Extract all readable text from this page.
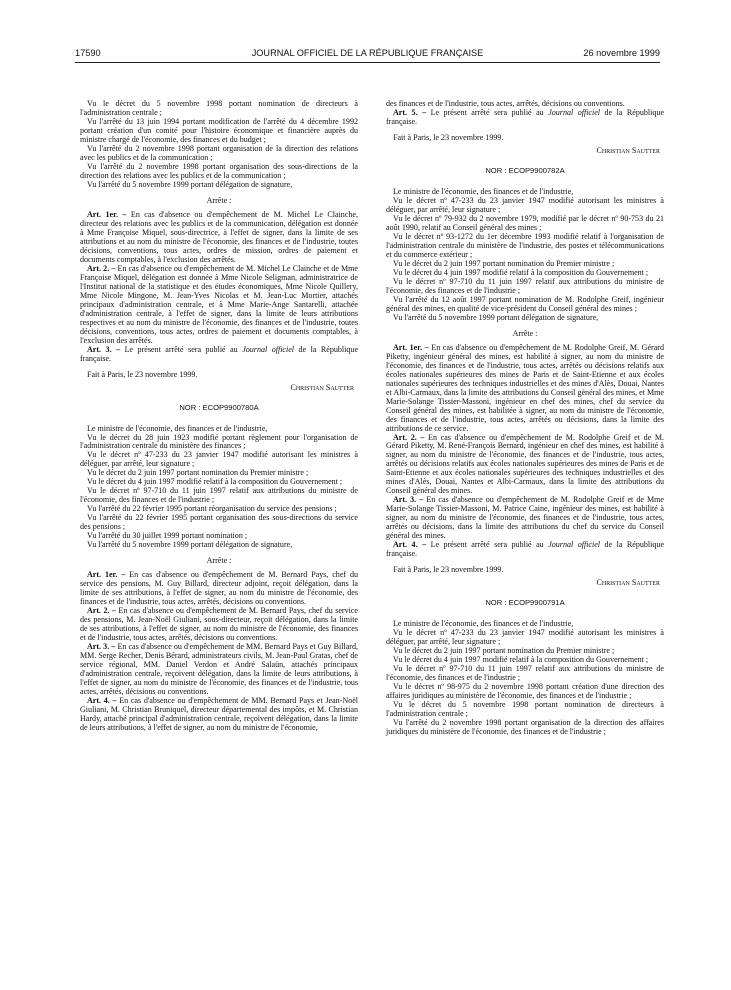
17590	JOURNAL OFFICIEL DE LA RÉPUBLIQUE FRANÇAISE	26 novembre 1999

Vu le décret du 5 novembre 1998 portant nomination de directeurs à l'administration centrale ;

Vu l'arrêté du 13 juin 1994 portant modification de l'arrêté du 4 décembre 1992 portant création d'un comité pour l'histoire économique et financière auprès du ministre chargé de l'économie, des finances et du budget ;

Vu l'arrêté du 2 novembre 1998 portant organisation de la direction des relations avec les publics et de la communication ;

Vu l'arrêté du 2 novembre 1998 portant organisation des sous-directions de la direction des relations avec les publics et de la communication ;

Vu l'arrêté du 5 novembre 1999 portant délégation de signature,

Arrête :

Art. 1er. – En cas d'absence ou d'empêchement de M. Michel Le Clainche, directeur des relations avec les publics et de la communication, délégation est donnée à Mme Françoise Miquel, sous-directrice, à l'effet de signer, dans la limite de ses attributions et au nom du ministre de l'économie, des finances et de l'industrie, toutes décisions, conventions, tous actes, ordres de mission, ordres de paiement et documents comptables, à l'exclusion des arrêtés.

Art. 2. – En cas d'absence ou d'empêchement de M. Michel Le Clainche et de Mme Françoise Miquel, délégation est donnée à Mme Nicole Seligman, administratrice de l'Institut national de la statistique et des études économiques, Mme Nicole Quillery, Mme Nicole Mingone, M. Jean-Yves Nicolas et M. Jean-Luc Mortier, attachés principaux d'administration centrale, et à Mme Marie-Ange Santarelli, attachée d'administration centrale, à l'effet de signer, dans la limite de leurs attributions respectives et au nom du ministre de l'économie, des finances et de l'industrie, toutes décisions, conventions, tous actes, ordres de paiement et documents comptables, à l'exclusion des arrêtés.

Art. 3. – Le présent arrêté sera publié au Journal officiel de la République française.

Fait à Paris, le 23 novembre 1999.

Christian Sautter

NOR : ECOP9900780A

Le ministre de l'économie, des finances et de l'industrie,

Vu le décret du 28 juin 1923 modifié portant règlement pour l'organisation de l'administration centrale du ministère des finances ;

Vu le décret nº 47-233 du 23 janvier 1947 modifié autorisant les ministres à déléguer, par arrêté, leur signature ;

Vu le décret du 2 juin 1997 portant nomination du Premier ministre ;

Vu le décret du 4 juin 1997 modifié relatif à la composition du Gouvernement ;

Vu le décret nº 97-710 du 11 juin 1997 relatif aux attributions du ministre de l'économie, des finances et de l'industrie ;

Vu l'arrêté du 22 février 1995 portant réorganisation du service des pensions ;

Vu l'arrêté du 22 février 1995 portant organisation des sous-directions du service des pensions ;

Vu l'arrêté du 30 juillet 1999 portant nomination ;

Vu l'arrêté du 5 novembre 1999 portant délégation de signature,

Arrête :

Art. 1er. – En cas d'absence ou d'empêchement de M. Bernard Pays, chef du service des pensions, M. Guy Billard, directeur adjoint, reçoit délégation, dans la limite de ses attributions, à l'effet de signer, au nom du ministre de l'économie, des finances et de l'industrie, tous actes, arrêtés, décisions ou conventions.

Art. 2. – En cas d'absence ou d'empêchement de M. Bernard Pays, chef du service des pensions, M. Jean-Noël Giuliani, sous-directeur, reçoit délégation, dans la limite de ses attributions, à l'effet de signer, au nom du ministre de l'économie, des finances et de l'industrie, tous actes, arrêtés, décisions ou conventions.

Art. 3. – En cas d'absence ou d'empêchement de MM. Bernard Pays et Guy Billard, MM. Serge Recher, Denis Bérard, administrateurs civils, M. Jean-Paul Gratas, chef de service régional, MM. Daniel Verdon et André Salaün, attachés principaux d'administration centrale, reçoivent délégation, dans la limite de leurs attributions, à l'effet de signer, au nom du ministre de l'économie, des finances et de l'industrie, tous actes, arrêtés, décisions ou conventions.

Art. 4. – En cas d'absence ou d'empêchement de MM. Bernard Pays et Jean-Noël Giuliani, M. Christian Bruniquel, directeur départemental des impôts, et M. Christian Hardy, attaché principal d'administration centrale, reçoivent délégation, dans la limite de leurs attributions, à l'effet de signer, au nom du ministre de l'économie,

des finances et de l'industrie, tous actes, arrêtés, décisions ou conventions.

Art. 5. – Le présent arrêté sera publié au Journal officiel de la République française.

Fait à Paris, le 23 novembre 1999.

Christian Sautter

NOR : ECOP9900782A

Le ministre de l'économie, des finances et de l'industrie,

Vu le décret nº 47-233 du 23 janvier 1947 modifié autorisant les ministres à déléguer, par arrêté, leur signature ;

Vu le décret nº 79-932 du 2 novembre 1979, modifié par le décret nº 90-753 du 21 août 1990, relatif au Conseil général des mines ;

Vu le décret nº 93-1272 du 1er décembre 1993 modifié relatif à l'organisation de l'administration centrale du ministère de l'industrie, des postes et télécommunications et du commerce extérieur ;

Vu le décret du 2 juin 1997 portant nomination du Premier ministre ;

Vu le décret du 4 juin 1997 modifié relatif à la composition du Gouvernement ;

Vu le décret nº 97-710 du 11 juin 1997 relatif aux attributions du ministre de l'économie, des finances et de l'industrie ;

Vu l'arrêté du 12 août 1997 portant nomination de M. Rodolphe Greif, ingénieur général des mines, en qualité de vice-président du Conseil général des mines ;

Vu l'arrêté du 5 novembre 1999 portant délégation de signature,

Arrête :

Art. 1er. – En cas d'absence ou d'empêchement de M. Rodolphe Greif, M. Gérard Piketty, ingénieur général des mines, est habilité à signer, au nom du ministre de l'économie, des finances et de l'industrie, tous actes, arrêtés ou décisions relatifs aux écoles nationales supérieures des mines de Paris et de Saint-Etienne et aux écoles nationales supérieures des techniques industrielles et des mines d'Alès, Douai, Nantes et Albi-Carmaux, dans la limite des attributions du Conseil général des mines, et Mme Marie-Solange Tissier-Massoni, ingénieur en chef des mines, chef du service du Conseil général des mines, est habilitée à signer, au nom du ministre de l'économie, des finances et de l'industrie, tous actes, arrêtés ou décisions, dans la limite des attributions de ce service.

Art. 2. – En cas d'absence ou d'empêchement de M. Rodolphe Greif et de M. Gérard Piketty, M. René-François Bernard, ingénieur en chef des mines, est habilité à signer, au nom du ministre de l'économie, des finances et de l'industrie, tous actes, arrêtés ou décisions relatifs aux écoles nationales supérieures des mines de Paris et de Saint-Etienne et aux écoles nationales supérieures des techniques industrielles et des mines d'Alès, Douai, Nantes et Albi-Carmaux, dans la limite des attributions du Conseil général des mines.

Art. 3. – En cas d'absence ou d'empêchement de M. Rodolphe Greif et de Mme Marie-Solange Tissier-Massoni, M. Patrice Caine, ingénieur des mines, est habilité à signer, au nom du ministre de l'économie, des finances et de l'industrie, tous actes, arrêtés ou décisions, dans la limite des attributions du chef du service du Conseil général des mines.

Art. 4. – Le présent arrêté sera publié au Journal officiel de la République française.

Fait à Paris, le 23 novembre 1999.

Christian Sautter

NOR : ECOP9900791A

Le ministre de l'économie, des finances et de l'industrie,

Vu le décret nº 47-233 du 23 janvier 1947 modifié autorisant les ministres à déléguer, par arrêté, leur signature ;

Vu le décret du 2 juin 1997 portant nomination du Premier ministre ;

Vu le décret du 4 juin 1997 modifié relatif à la composition du Gouvernement ;

Vu le décret nº 97-710 du 11 juin 1997 relatif aux attributions du ministre de l'économie, des finances et de l'industrie ;

Vu le décret nº 98-975 du 2 novembre 1998 portant création d'une direction des affaires juridiques au ministère de l'économie, des finances et de l'industrie ;

Vu le décret du 5 novembre 1998 portant nomination de directeurs à l'administration centrale ;

Vu l'arrêté du 2 novembre 1998 portant organisation de la direction des affaires juridiques du ministère de l'économie, des finances et de l'industrie ;
